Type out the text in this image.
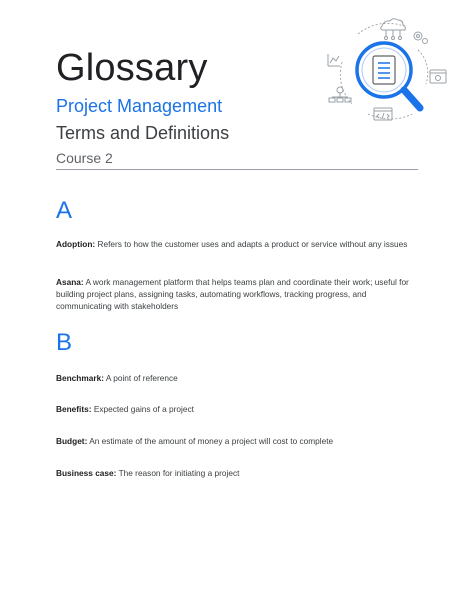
Glossary
Project Management
Terms and Definitions
Course 2
A
Adoption: Refers to how the customer uses and adapts a product or service without any issues
Asana: A work management platform that helps teams plan and coordinate their work; useful for building project plans, assigning tasks, automating workflows, tracking progress, and communicating with stakeholders
B
Benchmark: A point of reference
Benefits: Expected gains of a project
Budget: An estimate of the amount of money a project will cost to complete
Business case: The reason for initiating a project
